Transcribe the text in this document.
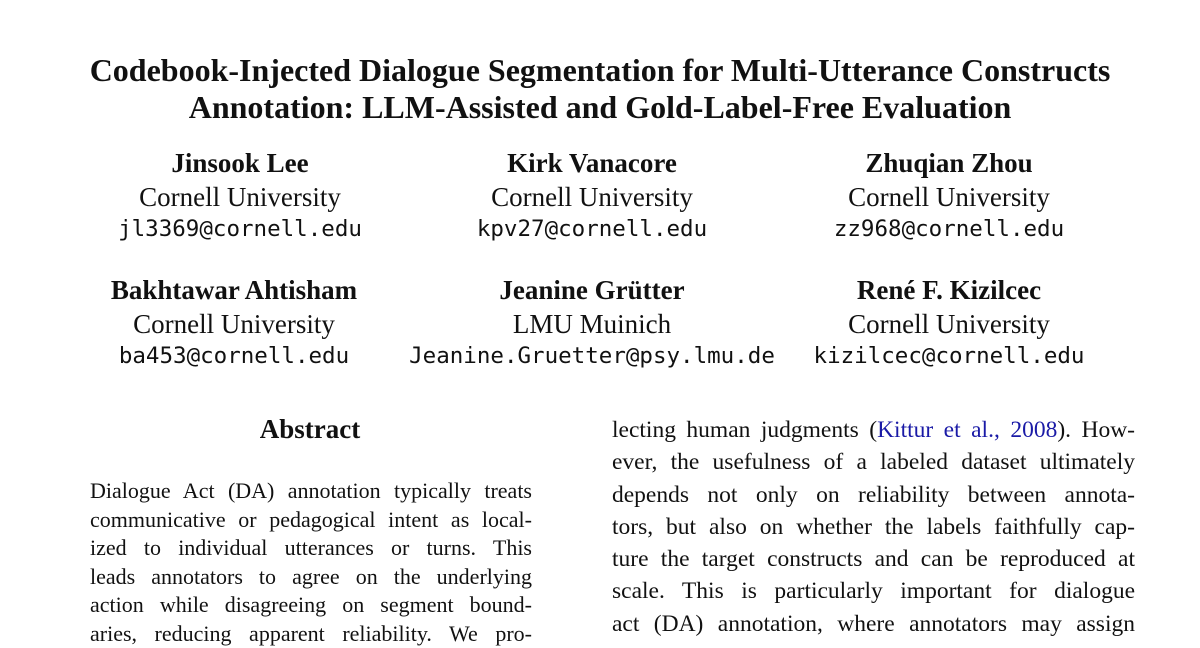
Codebook-Injected Dialogue Segmentation for Multi-Utterance Constructs
Annotation: LLM-Assisted and Gold-Label-Free Evaluation
Jinsook Lee
Cornell University
jl3369@cornell.edu
Kirk Vanacore
Cornell University
kpv27@cornell.edu
Zhuqian Zhou
Cornell University
zz968@cornell.edu
Bakhtawar Ahtisham
Cornell University
ba453@cornell.edu
Jeanine Grütter
LMU Muinich
Jeanine.Gruetter@psy.lmu.de
René F. Kizilcec
Cornell University
kizilcec@cornell.edu
Abstract
Dialogue Act (DA) annotation typically treats
communicative or pedagogical intent as local-
ized to individual utterances or turns. This
leads annotators to agree on the underlying
action while disagreeing on segment bound-
aries, reducing apparent reliability. We pro-
lecting human judgments (Kittur et al., 2008). How-
ever, the usefulness of a labeled dataset ultimately
depends not only on reliability between annota-
tors, but also on whether the labels faithfully cap-
ture the target constructs and can be reproduced at
scale. This is particularly important for dialogue
act (DA) annotation, where annotators may assign
